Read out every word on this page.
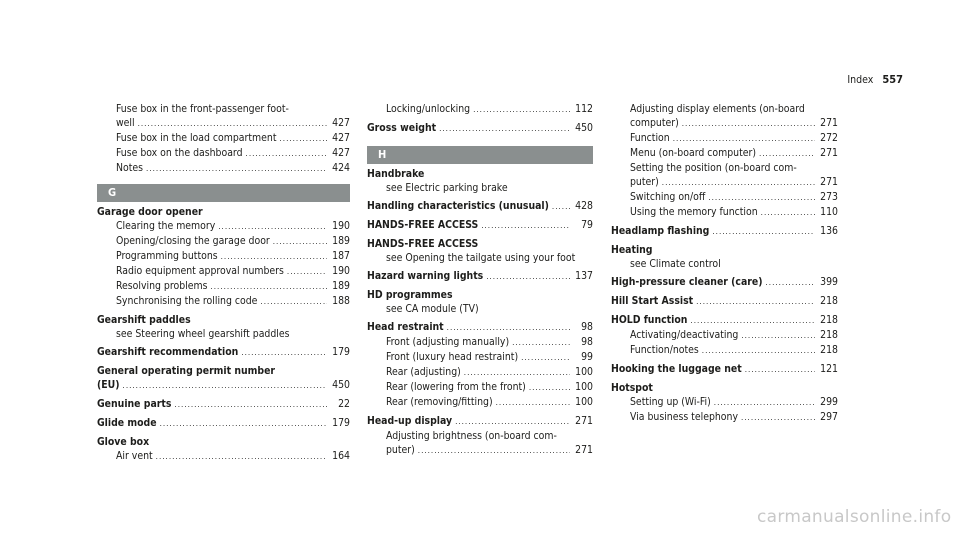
Index 557
Fuse box in the front-passenger foot-
well .....	427
Fuse box in the load compartment .....	427
Fuse box on the dashboard .....	427
Notes .....	424
G
Garage door opener
Clearing the memory .....	190
Opening/closing the garage door .....	189
Programming buttons .....	187
Radio equipment approval numbers .....	190
Resolving problems .....	189
Synchronising the rolling code .....	188
Gearshift paddles
see Steering wheel gearshift paddles
Gearshift recommendation .....	179
General operating permit number
(EU) .....	450
Genuine parts .....	22
Glide mode .....	179
Glove box
Air vent .....	164
Locking/unlocking .....	112
Gross weight .....	450
H
Handbrake
see Electric parking brake
Handling characteristics (unusual) .....	428
HANDS-FREE ACCESS .....	79
HANDS-FREE ACCESS
see Opening the tailgate using your foot
Hazard warning lights .....	137
HD programmes
see CA module (TV)
Head restraint .....	98
Front (adjusting manually) .....	98
Front (luxury head restraint) .....	99
Rear (adjusting) .....	100
Rear (lowering from the front) .....	100
Rear (removing/fitting) .....	100
Head-up display .....	271
Adjusting brightness (on-board com-
puter) .....	271
Adjusting display elements (on-board
computer) .....	271
Function .....	272
Menu (on-board computer) .....	271
Setting the position (on-board com-
puter) .....	271
Switching on/off .....	273
Using the memory function .....	110
Headlamp flashing .....	136
Heating
see Climate control
High-pressure cleaner (care) .....	399
Hill Start Assist .....	218
HOLD function .....	218
Activating/deactivating .....	218
Function/notes .....	218
Hooking the luggage net .....	121
Hotspot
Setting up (Wi-Fi) .....	299
Via business telephony .....	297
carmanualsonline.info
